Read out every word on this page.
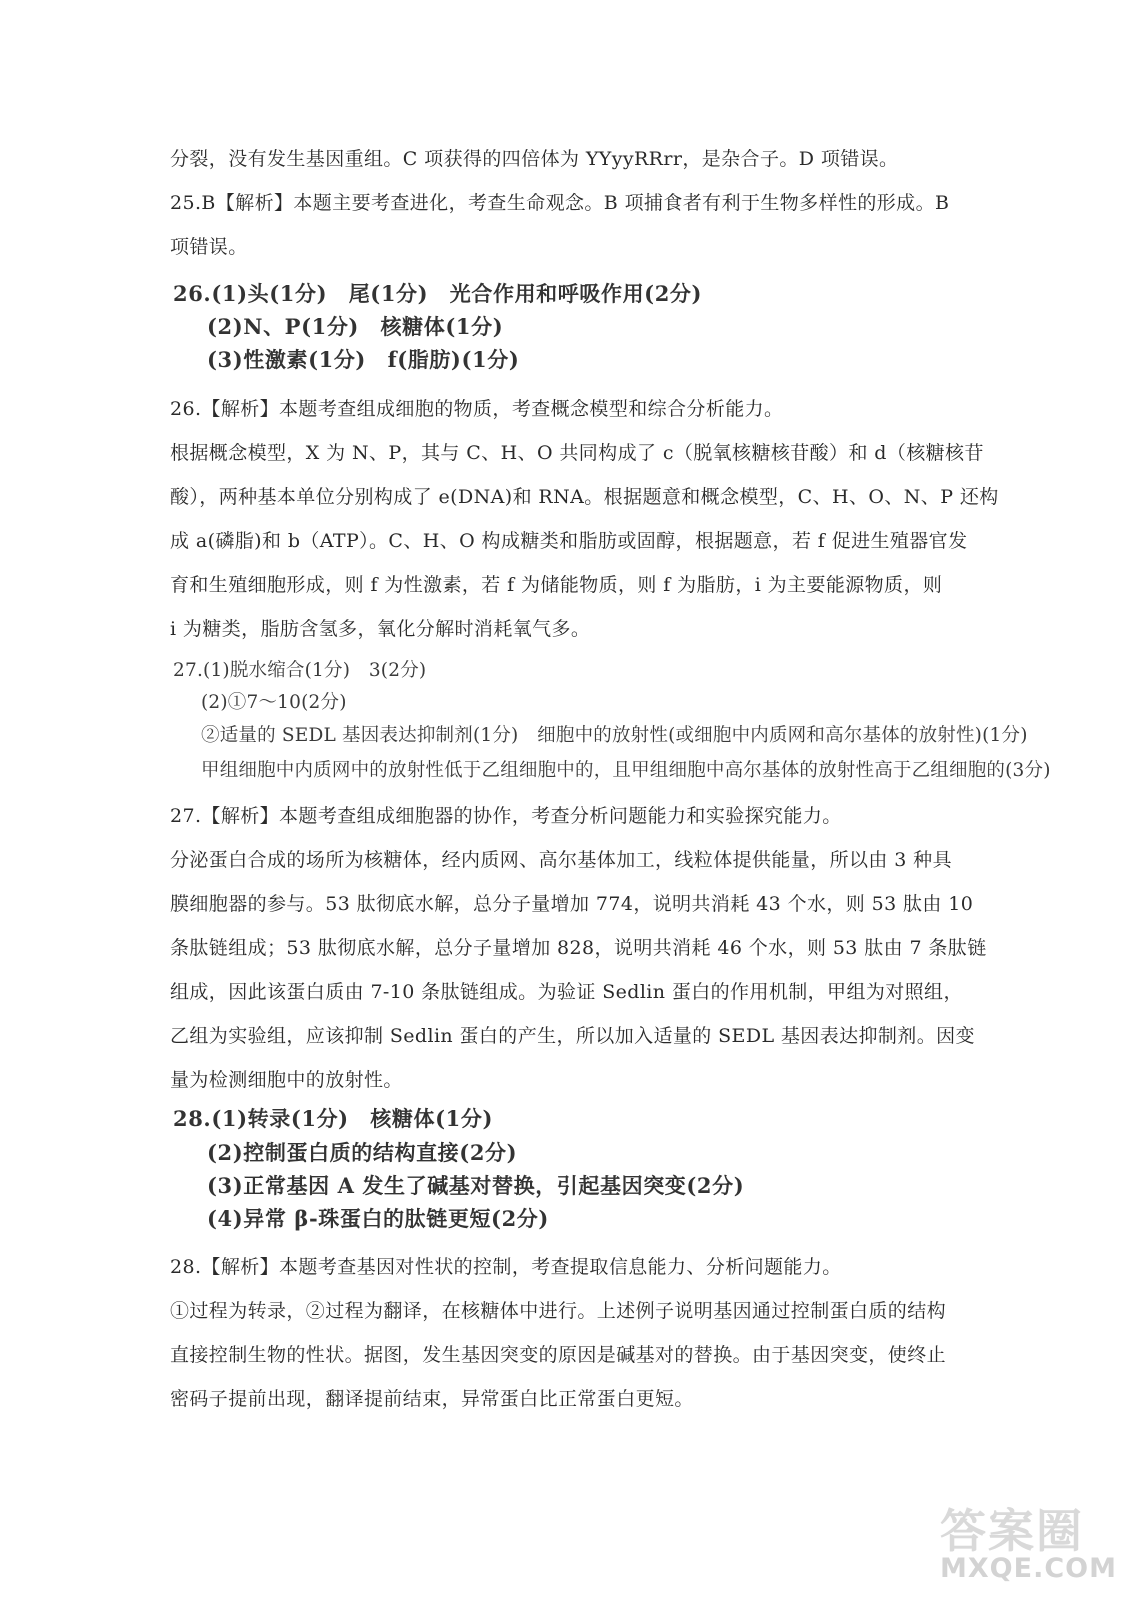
分裂，没有发生基因重组。C 项获得的四倍体为 YYyyRRrr，是杂合子。D 项错误。
25.B【解析】本题主要考查进化，考查生命观念。B 项捕食者有利于生物多样性的形成。B
项错误。
26.(1)头(1分)　尾(1分)　光合作用和呼吸作用(2分)
(2)N、P(1分)　核糖体(1分)
(3)性激素(1分)　f(脂肪)(1分)
26.【解析】本题考查组成细胞的物质，考查概念模型和综合分析能力。
根据概念模型，X 为 N、P，其与 C、H、O 共同构成了 c（脱氧核糖核苷酸）和 d（核糖核苷
酸），两种基本单位分别构成了 e(DNA)和 RNA。根据题意和概念模型，C、H、O、N、P 还构
成 a(磷脂)和 b（ATP）。C、H、O 构成糖类和脂肪或固醇，根据题意，若 f 促进生殖器官发
育和生殖细胞形成，则 f 为性激素，若 f 为储能物质，则 f 为脂肪，i 为主要能源物质，则
i 为糖类，脂肪含氢多，氧化分解时消耗氧气多。
27.(1)脱水缩合(1分)　3(2分)
(2)①7～10(2分)
②适量的 SEDL 基因表达抑制剂(1分)　细胞中的放射性(或细胞中内质网和高尔基体的放射性)(1分)
甲组细胞中内质网中的放射性低于乙组细胞中的，且甲组细胞中高尔基体的放射性高于乙组细胞的(3分)
27.【解析】本题考查组成细胞器的协作，考查分析问题能力和实验探究能力。
分泌蛋白合成的场所为核糖体，经内质网、高尔基体加工，线粒体提供能量，所以由 3 种具
膜细胞器的参与。53 肽彻底水解，总分子量增加 774，说明共消耗 43 个水，则 53 肽由 10
条肽链组成；53 肽彻底水解，总分子量增加 828，说明共消耗 46 个水，则 53 肽由 7 条肽链
组成，因此该蛋白质由 7-10 条肽链组成。为验证 Sedlin 蛋白的作用机制，甲组为对照组，
乙组为实验组，应该抑制 Sedlin 蛋白的产生，所以加入适量的 SEDL 基因表达抑制剂。因变
量为检测细胞中的放射性。
28.(1)转录(1分)　核糖体(1分)
(2)控制蛋白质的结构直接(2分)
(3)正常基因 A 发生了碱基对替换，引起基因突变(2分)
(4)异常 β-珠蛋白的肽链更短(2分)
28.【解析】本题考查基因对性状的控制，考查提取信息能力、分析问题能力。
①过程为转录，②过程为翻译，在核糖体中进行。上述例子说明基因通过控制蛋白质的结构
直接控制生物的性状。据图，发生基因突变的原因是碱基对的替换。由于基因突变，使终止
密码子提前出现，翻译提前结束，异常蛋白比正常蛋白更短。
答案圈
MXQE.COM
